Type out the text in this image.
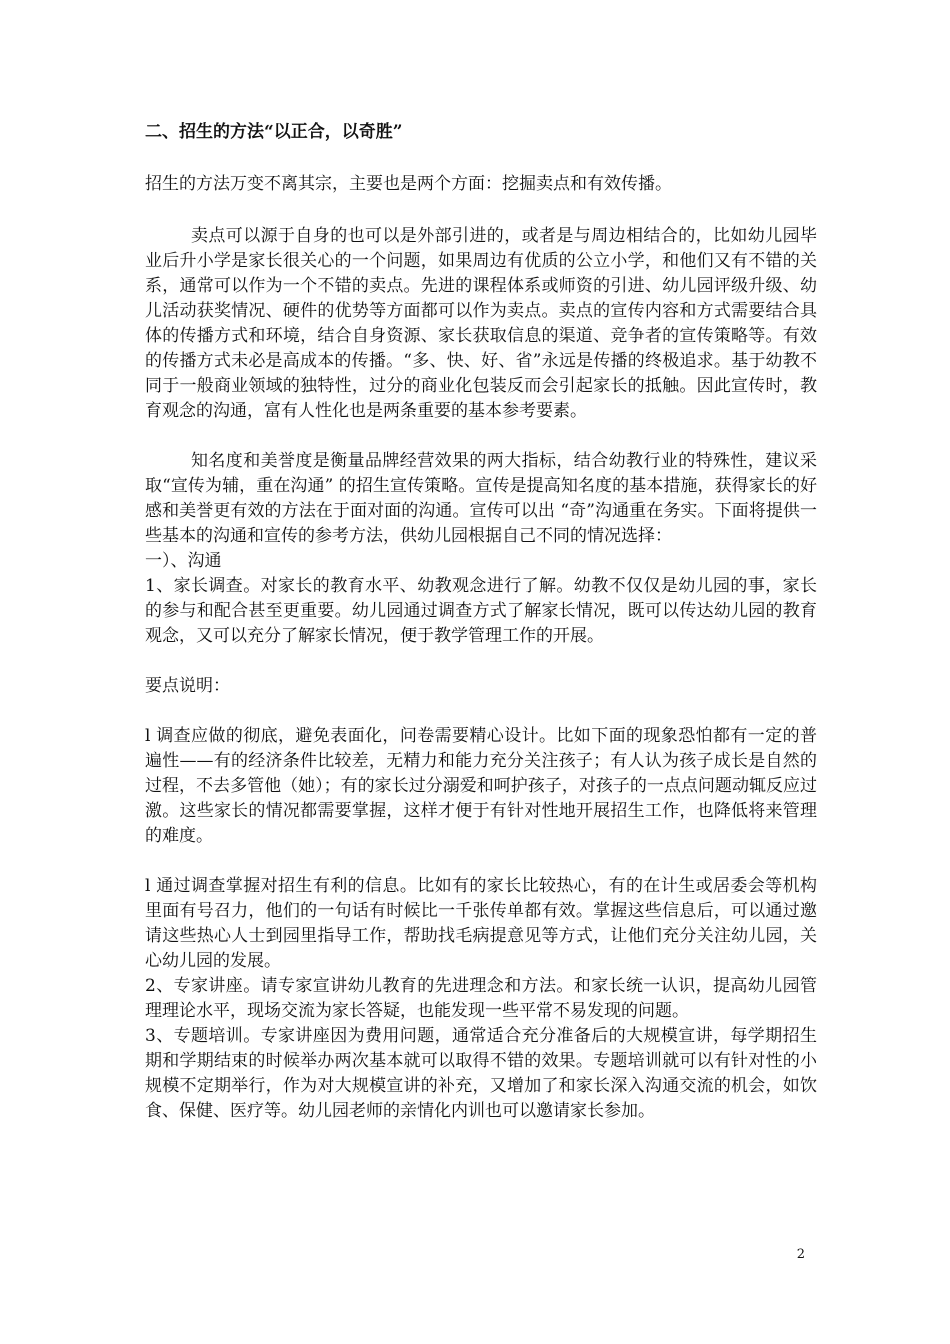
二、招生的方法“以正合，以奇胜”

招生的方法万变不离其宗，主要也是两个方面：挖掘卖点和有效传播。

卖点可以源于自身的也可以是外部引进的，或者是与周边相结合的，比如幼儿园毕业后升小学是家长很关心的一个问题，如果周边有优质的公立小学，和他们又有不错的关系，通常可以作为一个不错的卖点。先进的课程体系或师资的引进、幼儿园评级升级、幼儿活动获奖情况、硬件的优势等方面都可以作为卖点。卖点的宣传内容和方式需要结合具体的传播方式和环境，结合自身资源、家长获取信息的渠道、竞争者的宣传策略等。有效的传播方式未必是高成本的传播。“多、快、好、省”永远是传播的终极追求。基于幼教不同于一般商业领域的独特性，过分的商业化包装反而会引起家长的抵触。因此宣传时，教育观念的沟通，富有人性化也是两条重要的基本参考要素。

知名度和美誉度是衡量品牌经营效果的两大指标，结合幼教行业的特殊性，建议采取“宣传为辅，重在沟通” 的招生宣传策略。宣传是提高知名度的基本措施，获得家长的好感和美誉更有效的方法在于面对面的沟通。宣传可以出 “奇”沟通重在务实。下面将提供一些基本的沟通和宣传的参考方法，供幼儿园根据自己不同的情况选择：

一）、沟通

1、家长调查。对家长的教育水平、幼教观念进行了解。幼教不仅仅是幼儿园的事，家长的参与和配合甚至更重要。幼儿园通过调查方式了解家长情况，既可以传达幼儿园的教育观念，又可以充分了解家长情况，便于教学管理工作的开展。

要点说明：

l 调查应做的彻底，避免表面化，问卷需要精心设计。比如下面的现象恐怕都有一定的普遍性——有的经济条件比较差，无精力和能力充分关注孩子；有人认为孩子成长是自然的过程，不去多管他（她）；有的家长过分溺爱和呵护孩子，对孩子的一点点问题动辄反应过激。这些家长的情况都需要掌握，这样才便于有针对性地开展招生工作，也降低将来管理的难度。

l 通过调查掌握对招生有利的信息。比如有的家长比较热心，有的在计生或居委会等机构里面有号召力，他们的一句话有时候比一千张传单都有效。掌握这些信息后，可以通过邀请这些热心人士到园里指导工作，帮助找毛病提意见等方式，让他们充分关注幼儿园，关心幼儿园的发展。

2、专家讲座。请专家宣讲幼儿教育的先进理念和方法。和家长统一认识，提高幼儿园管理理论水平，现场交流为家长答疑，也能发现一些平常不易发现的问题。

3、专题培训。专家讲座因为费用问题，通常适合充分准备后的大规模宣讲，每学期招生期和学期结束的时候举办两次基本就可以取得不错的效果。专题培训就可以有针对性的小规模不定期举行，作为对大规模宣讲的补充，又增加了和家长深入沟通交流的机会，如饮食、保健、医疗等。幼儿园老师的亲情化内训也可以邀请家长参加。

2
